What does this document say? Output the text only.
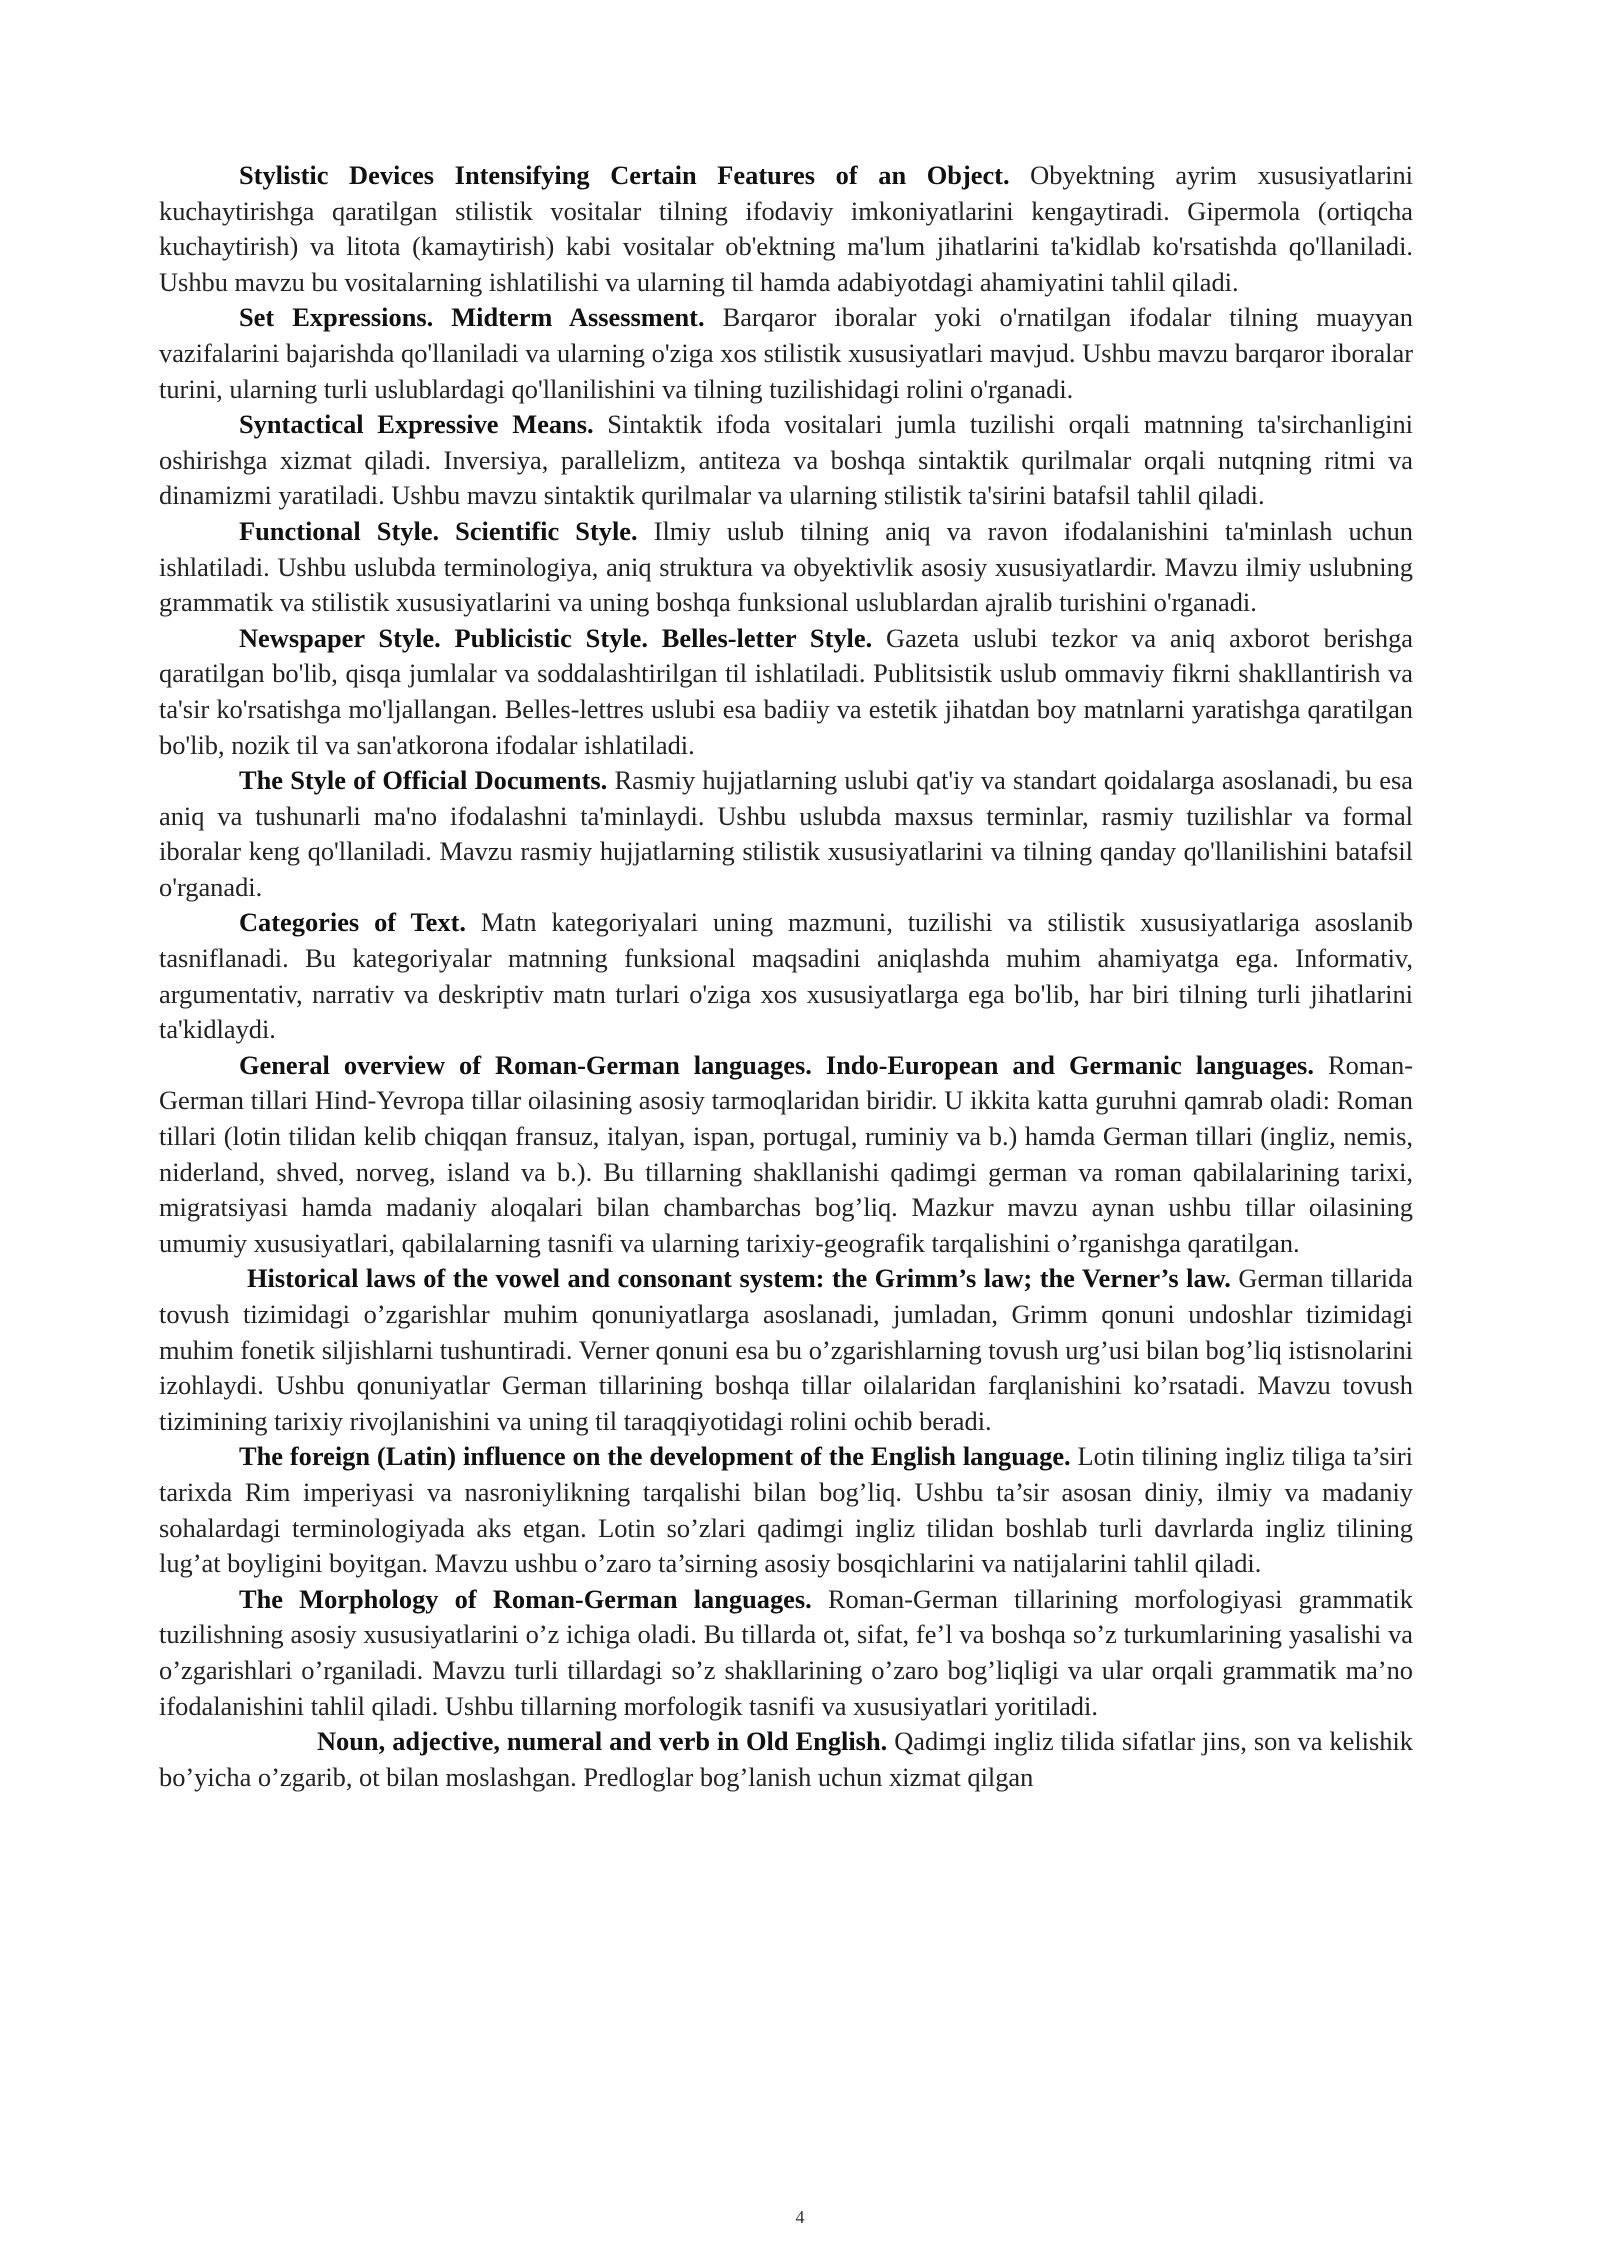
Stylistic Devices Intensifying Certain Features of an Object. Obyektning ayrim xususiyatlarini kuchaytirishga qaratilgan stilistik vositalar tilning ifodaviy imkoniyatlarini kengaytiradi. Gipermola (ortiqcha kuchaytirish) va litota (kamaytirish) kabi vositalar ob'ektning ma'lum jihatlarini ta'kidlab ko'rsatishda qo'llaniladi. Ushbu mavzu bu vositalarning ishlatilishi va ularning til hamda adabiyotdagi ahamiyatini tahlil qiladi.

Set Expressions. Midterm Assessment. Barqaror iboralar yoki o'rnatilgan ifodalar tilning muayyan vazifalarini bajarishda qo'llaniladi va ularning o'ziga xos stilistik xususiyatlari mavjud. Ushbu mavzu barqaror iboralar turini, ularning turli uslublardagi qo'llanilishini va tilning tuzilishidagi rolini o'rganadi.

Syntactical Expressive Means. Sintaktik ifoda vositalari jumla tuzilishi orqali matnning ta'sirchanligini oshirishga xizmat qiladi. Inversiya, parallelizm, antiteza va boshqa sintaktik qurilmalar orqali nutqning ritmi va dinamizmi yaratiladi. Ushbu mavzu sintaktik qurilmalar va ularning stilistik ta'sirini batafsil tahlil qiladi.

Functional Style. Scientific Style. Ilmiy uslub tilning aniq va ravon ifodalanishini ta'minlash uchun ishlatiladi. Ushbu uslubda terminologiya, aniq struktura va obyektivlik asosiy xususiyatlardir. Mavzu ilmiy uslubning grammatik va stilistik xususiyatlarini va uning boshqa funksional uslublardan ajralib turishini o'rganadi.

Newspaper Style. Publicistic Style. Belles-letter Style. Gazeta uslubi tezkor va aniq axborot berishga qaratilgan bo'lib, qisqa jumlalar va soddalashtirilgan til ishlatiladi. Publitsistik uslub ommaviy fikrni shakllantirish va ta'sir ko'rsatishga mo'ljallangan. Belles-lettres uslubi esa badiiy va estetik jihatdan boy matnlarni yaratishga qaratilgan bo'lib, nozik til va san'atkorona ifodalar ishlatiladi.

The Style of Official Documents. Rasmiy hujjatlarning uslubi qat'iy va standart qoidalarga asoslanadi, bu esa aniq va tushunarli ma'no ifodalashni ta'minlaydi. Ushbu uslubda maxsus terminlar, rasmiy tuzilishlar va formal iboralar keng qo'llaniladi. Mavzu rasmiy hujjatlarning stilistik xususiyatlarini va tilning qanday qo'llanilishini batafsil o'rganadi.

Categories of Text. Matn kategoriyalari uning mazmuni, tuzilishi va stilistik xususiyatlariga asoslanib tasniflanadi. Bu kategoriyalar matnning funksional maqsadini aniqlashda muhim ahamiyatga ega. Informativ, argumentativ, narrativ va deskriptiv matn turlari o'ziga xos xususiyatlarga ega bo'lib, har biri tilning turli jihatlarini ta'kidlaydi.

General overview of Roman-German languages. Indo-European and Germanic languages. Roman-German tillari Hind-Yevropa tillar oilasining asosiy tarmoqlaridan biridir. U ikkita katta guruhni qamrab oladi: Roman tillari (lotin tilidan kelib chiqqan fransuz, italyan, ispan, portugal, ruminiy va b.) hamda German tillari (ingliz, nemis, niderland, shved, norveg, island va b.). Bu tillarning shakllanishi qadimgi german va roman qabilalarining tarixi, migratsiyasi hamda madaniy aloqalari bilan chambarchas bog’liq. Mazkur mavzu aynan ushbu tillar oilasining umumiy xususiyatlari, qabilalarning tasnifi va ularning tarixiy-geografik tarqalishini o’rganishga qaratilgan.

Historical laws of the vowel and consonant system: the Grimm’s law; the Verner’s law. German tillarida tovush tizimidagi o’zgarishlar muhim qonuniyatlarga asoslanadi, jumladan, Grimm qonuni undoshlar tizimidagi muhim fonetik siljishlarni tushuntiradi. Verner qonuni esa bu o’zgarishlarning tovush urg’usi bilan bog’liq istisnolarini izohlaydi. Ushbu qonuniyatlar German tillarining boshqa tillar oilalaridan farqlanishini ko’rsatadi. Mavzu tovush tizimining tarixiy rivojlanishini va uning til taraqqiyotidagi rolini ochib beradi.

The foreign (Latin) influence on the development of the English language. Lotin tilining ingliz tiliga ta’siri tarixda Rim imperiyasi va nasroniylikning tarqalishi bilan bog’liq. Ushbu ta’sir asosan diniy, ilmiy va madaniy sohalardagi terminologiyada aks etgan. Lotin so’zlari qadimgi ingliz tilidan boshlab turli davrlarda ingliz tilining lug’at boyligini boyitgan. Mavzu ushbu o’zaro ta’sirning asosiy bosqichlarini va natijalarini tahlil qiladi.

The Morphology of Roman-German languages. Roman-German tillarining morfologiyasi grammatik tuzilishning asosiy xususiyatlarini o’z ichiga oladi. Bu tillarda ot, sifat, fe’l va boshqa so’z turkumlarining yasalishi va o’zgarishlari o’rganiladi. Mavzu turli tillardagi so’z shakllarining o’zaro bog’liqligi va ular orqali grammatik ma’no ifodalanishini tahlil qiladi. Ushbu tillarning morfologik tasnifi va xususiyatlari yoritiladi.

Noun, adjective, numeral and verb in Old English. Qadimgi ingliz tilida sifatlar jins, son va kelishik bo’yicha o’zgarib, ot bilan moslashgan. Predloglar bog’lanish uchun xizmat qilgan

4
